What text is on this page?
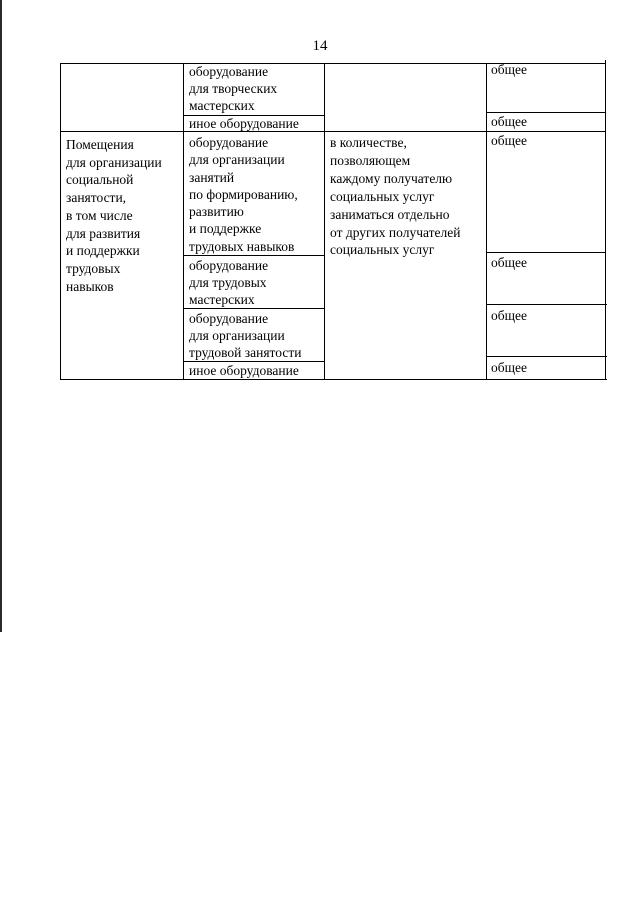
14
оборудование
для творческих
мастерских
иное оборудование
общее
общее
Помещения
для организации
социальной
занятости,
в том числе
для развития
и поддержки
трудовых
навыков
оборудование
для организации
занятий
по формированию,
развитию
и поддержке
трудовых навыков
оборудование
для трудовых
мастерских
оборудование
для организации
трудовой занятости
иное оборудование
в количестве,
позволяющем
каждому получателю
социальных услуг
заниматься отдельно
от других получателей
социальных услуг
общее
общее
общее
общее
